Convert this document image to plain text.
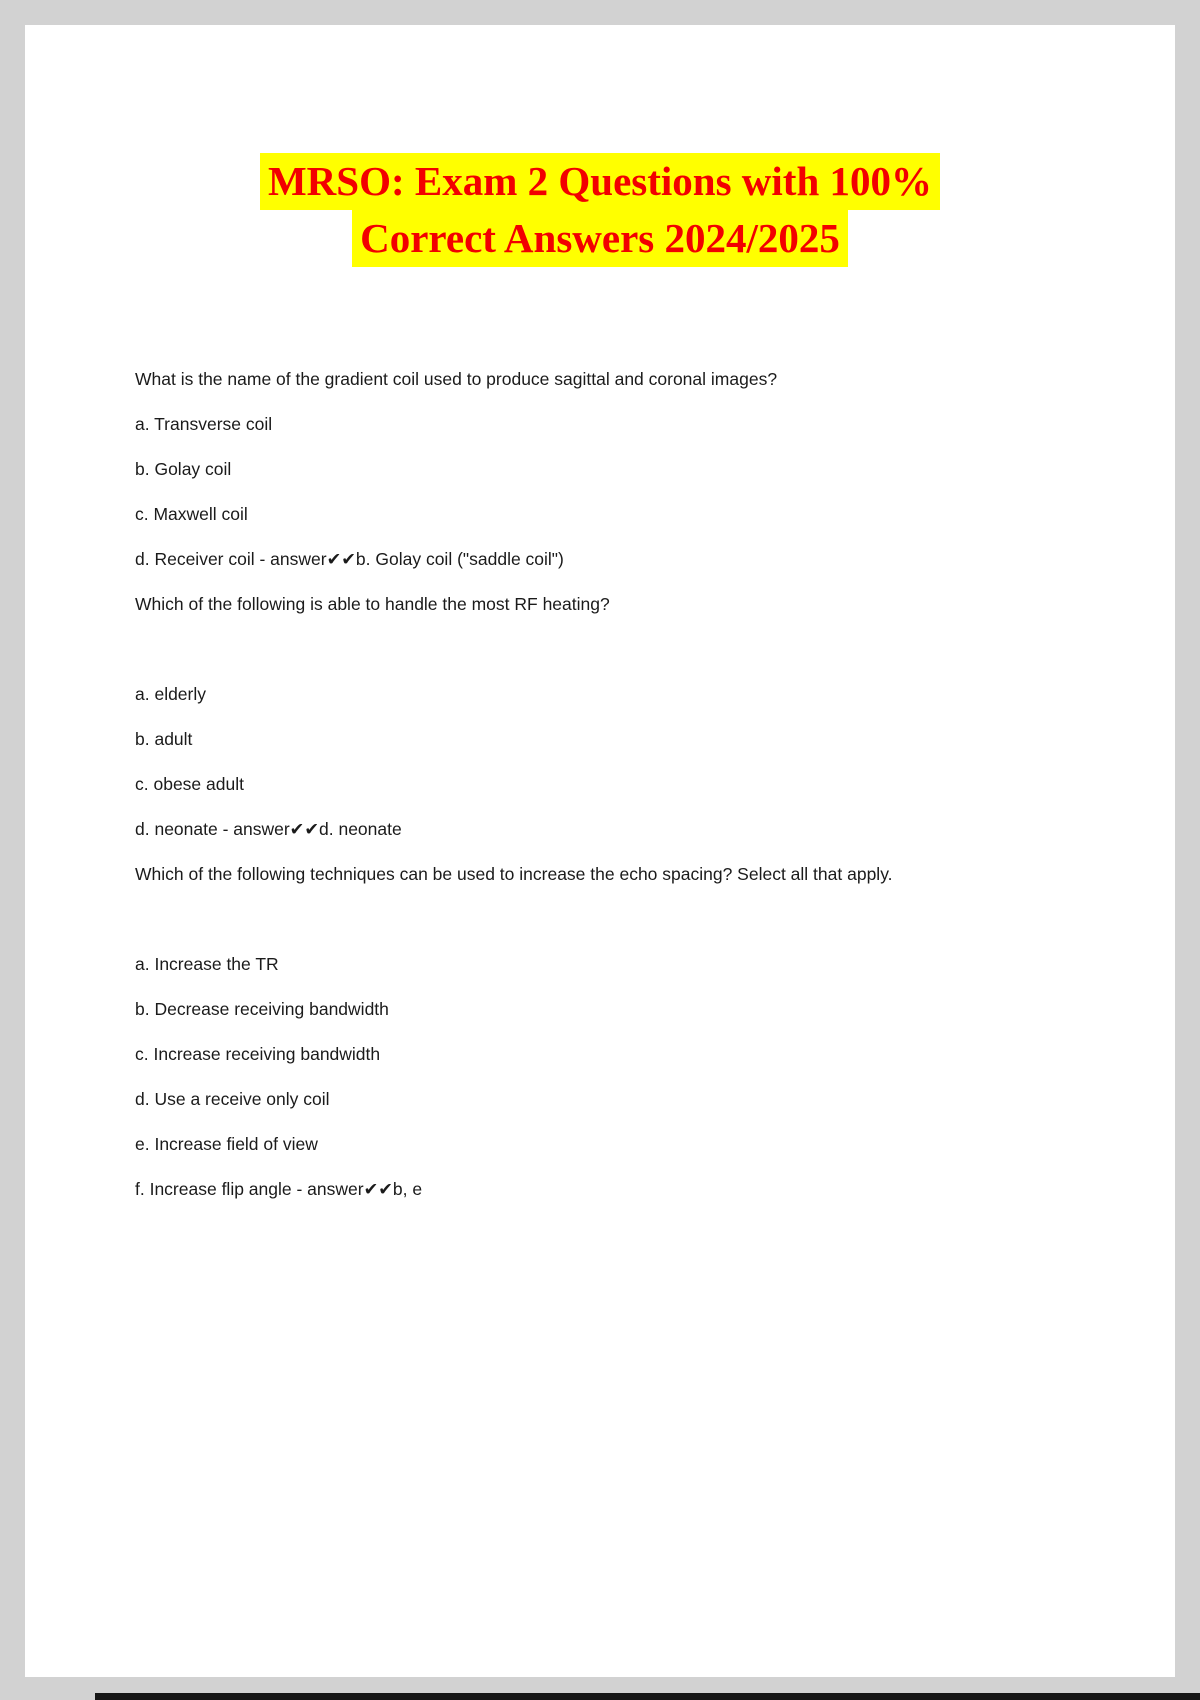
MRSO: Exam 2 Questions with 100%
Correct Answers 2024/2025
What is the name of the gradient coil used to produce sagittal and coronal images?
a. Transverse coil
b. Golay coil
c. Maxwell coil
d. Receiver coil - answer✔✔b. Golay coil ("saddle coil")
Which of the following is able to handle the most RF heating?
a. elderly
b. adult
c. obese adult
d. neonate - answer✔✔d. neonate
Which of the following techniques can be used to increase the echo spacing? Select all that apply.
a. Increase the TR
b. Decrease receiving bandwidth
c. Increase receiving bandwidth
d. Use a receive only coil
e. Increase field of view
f. Increase flip angle - answer✔✔b, e
